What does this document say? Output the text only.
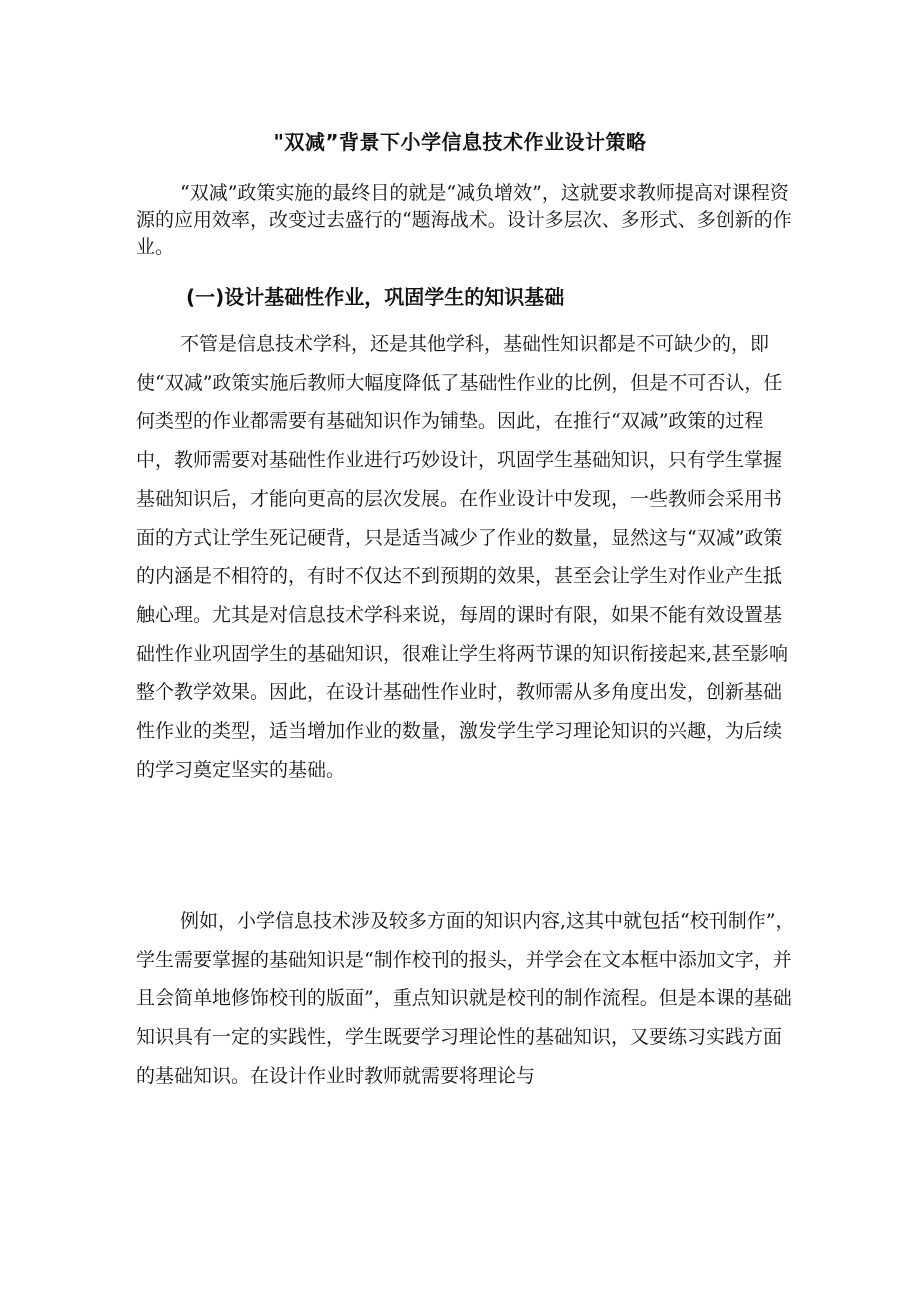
"双减”背景下小学信息技术作业设计策略

“双减”政策实施的最终目的就是“减负增效”，这就要求教师提高对课程资源的应用效率，改变过去盛行的“题海战术。设计多层次、多形式、多创新的作业。

(一)设计基础性作业，巩固学生的知识基础

不管是信息技术学科，还是其他学科，基础性知识都是不可缺少的，即使“双减”政策实施后教师大幅度降低了基础性作业的比例，但是不可否认，任何类型的作业都需要有基础知识作为铺垫。因此，在推行“双减”政策的过程中，教师需要对基础性作业进行巧妙设计，巩固学生基础知识，只有学生掌握基础知识后，才能向更高的层次发展。在作业设计中发现，一些教师会采用书面的方式让学生死记硬背，只是适当减少了作业的数量，显然这与“双减”政策的内涵是不相符的，有时不仅达不到预期的效果，甚至会让学生对作业产生抵触心理。尤其是对信息技术学科来说，每周的课时有限，如果不能有效设置基础性作业巩固学生的基础知识，很难让学生将两节课的知识衔接起来,甚至影响整个教学效果。因此，在设计基础性作业时，教师需从多角度出发，创新基础性作业的类型，适当增加作业的数量，激发学生学习理论知识的兴趣，为后续的学习奠定坚实的基础。

例如，小学信息技术涉及较多方面的知识内容,这其中就包括“校刊制作”，学生需要掌握的基础知识是“制作校刊的报头，并学会在文本框中添加文字，并且会简单地修饰校刊的版面”，重点知识就是校刊的制作流程。但是本课的基础知识具有一定的实践性，学生既要学习理论性的基础知识，又要练习实践方面的基础知识。在设计作业时教师就需要将理论与
